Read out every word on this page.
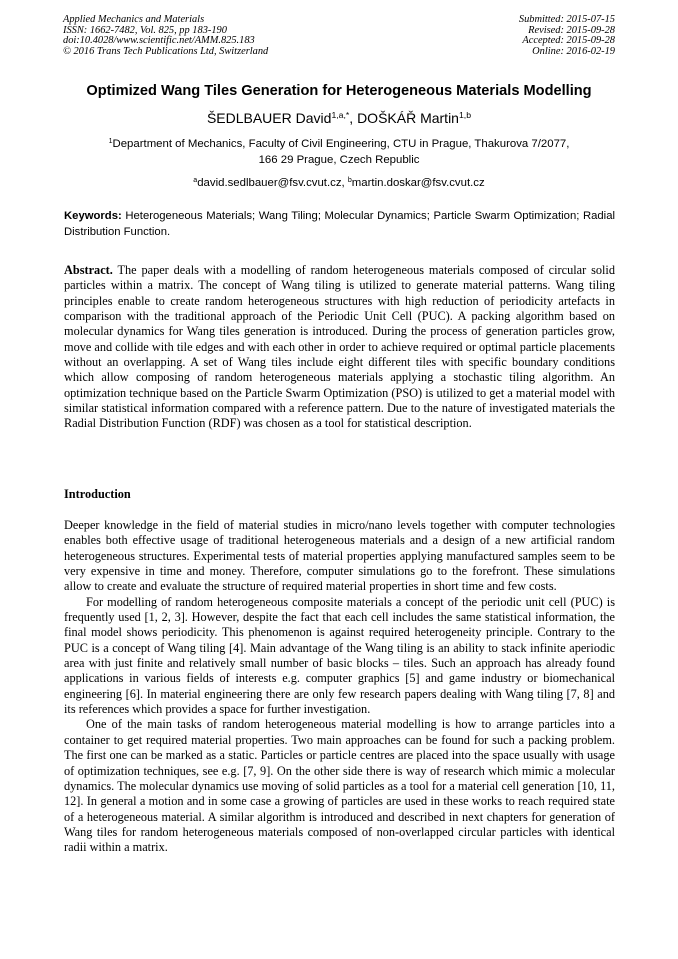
Applied Mechanics and Materials
ISSN: 1662-7482, Vol. 825, pp 183-190
doi:10.4028/www.scientific.net/AMM.825.183
© 2016 Trans Tech Publications Ltd, Switzerland
Submitted: 2015-07-15
Revised: 2015-09-28
Accepted: 2015-09-28
Online: 2016-02-19
Optimized Wang Tiles Generation for Heterogeneous Materials Modelling
ŠEDLBAUER David$^{1,a,*}$, DOŠKÁŘ Martin$^{1,b}$
$^1$Department of Mechanics, Faculty of Civil Engineering, CTU in Prague, Thakurova 7/2077,
166 29 Prague, Czech Republic
$^a$david.sedlbauer@fsv.cvut.cz, $^b$martin.doskar@fsv.cvut.cz
Keywords: Heterogeneous Materials; Wang Tiling; Molecular Dynamics; Particle Swarm Optimization; Radial Distribution Function.
Abstract. The paper deals with a modelling of random heterogeneous materials composed of circular solid particles within a matrix. The concept of Wang tiling is utilized to generate material patterns. Wang tiling principles enable to create random heterogeneous structures with high reduction of periodicity artefacts in comparison with the traditional approach of the Periodic Unit Cell (PUC). A packing algorithm based on molecular dynamics for Wang tiles generation is introduced. During the process of generation particles grow, move and collide with tile edges and with each other in order to achieve required or optimal particle placements without an overlapping. A set of Wang tiles include eight different tiles with specific boundary conditions which allow composing of random heterogeneous materials applying a stochastic tiling algorithm. An optimization technique based on the Particle Swarm Optimization (PSO) is utilized to get a material model with similar statistical information compared with a reference pattern. Due to the nature of investigated materials the Radial Distribution Function (RDF) was chosen as a tool for statistical description.
Introduction

Deeper knowledge in the field of material studies in micro/nano levels together with computer technologies enables both effective usage of traditional heterogeneous materials and a design of a new artificial random heterogeneous structures. Experimental tests of material properties applying manufactured samples seem to be very expensive in time and money. Therefore, computer simulations go to the forefront. These simulations allow to create and evaluate the structure of required material properties in short time and few costs.

For modelling of random heterogeneous composite materials a concept of the periodic unit cell (PUC) is frequently used [1, 2, 3]. However, despite the fact that each cell includes the same statistical information, the final model shows periodicity. This phenomenon is against required heterogeneity principle. Contrary to the PUC is a concept of Wang tiling [4]. Main advantage of the Wang tiling is an ability to stack infinite aperiodic area with just finite and relatively small number of basic blocks – tiles. Such an approach has already found applications in various fields of interests e.g. computer graphics [5] and game industry or biomechanical engineering [6]. In material engineering there are only few research papers dealing with Wang tiling [7, 8] and its references which provides a space for further investigation.

One of the main tasks of random heterogeneous material modelling is how to arrange particles into a container to get required material properties. Two main approaches can be found for such a packing problem. The first one can be marked as a static. Particles or particle centres are placed into the space usually with usage of optimization techniques, see e.g. [7, 9]. On the other side there is way of research which mimic a molecular dynamics. The molecular dynamics use moving of solid particles as a tool for a material cell generation [10, 11, 12]. In general a motion and in some case a growing of particles are used in these works to reach required state of a heterogeneous material. A similar algorithm is introduced and described in next chapters for generation of Wang tiles for random heterogeneous materials composed of non-overlapped circular particles with identical radii within a matrix.
